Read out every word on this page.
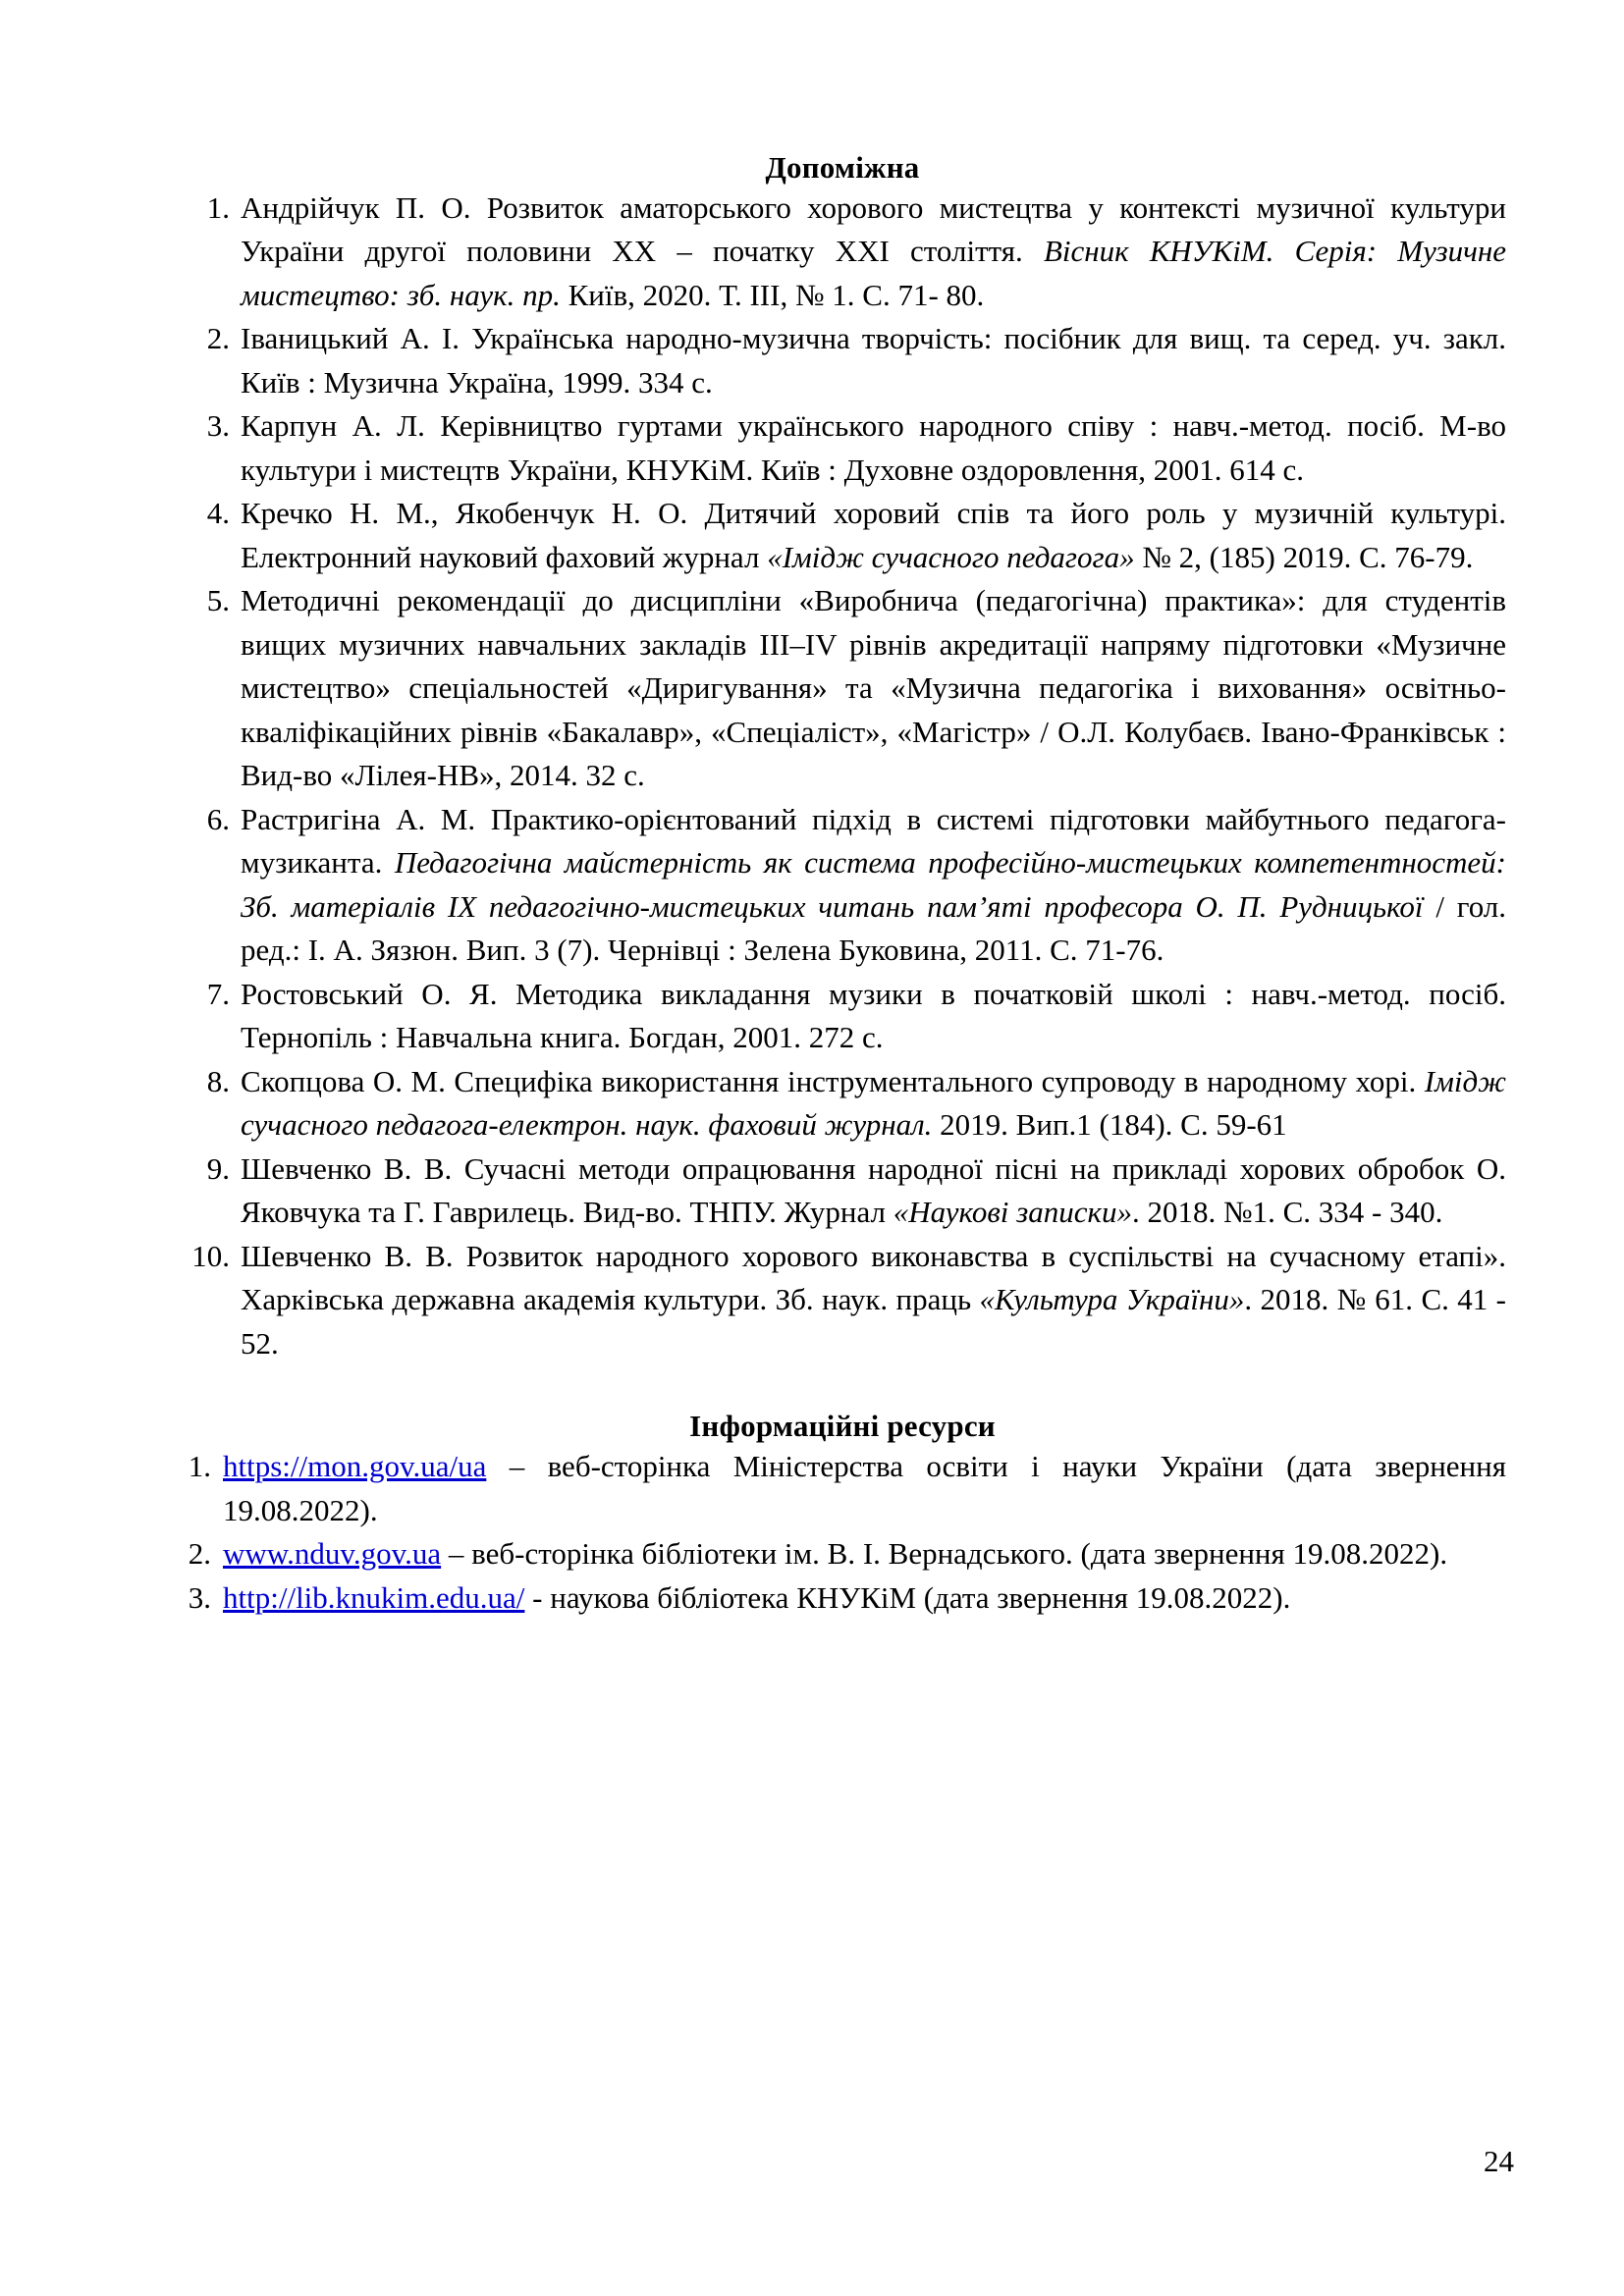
Допоміжна
Андрійчук П. О. Розвиток аматорського хорового мистецтва у контексті музичної культури України другої половини ХХ – початку ХХI століття. Вісник КНУКіМ. Серія: Музичне мистецтво: зб. наук. пр. Київ, 2020. Т. III, № 1. С. 71- 80.
Іваницький А. І. Українська народно-музична творчість: посібник для вищ. та серед. уч. закл. Київ : Музична Україна, 1999. 334 с.
Карпун А. Л. Керівництво гуртами українського народного співу : навч.-метод. посіб. М-во культури і мистецтв України, КНУКіМ. Київ : Духовне оздоровлення, 2001. 614 с.
Кречко Н. М., Якобенчук Н. О. Дитячий хоровий спів та його роль у музичній культурі. Електронний науковий фаховий журнал «Імідж сучасного педагога» № 2, (185) 2019. С. 76-79.
Методичні рекомендації до дисципліни «Виробнича (педагогічна) практика»: для студентів вищих музичних навчальних закладів III–IV рівнів акредитації напряму підготовки «Музичне мистецтво» спеціальностей «Диригування» та «Музична педагогіка і виховання» освітньо-кваліфікаційних рівнів «Бакалавр», «Спеціаліст», «Магістр» / О.Л. Колубаєв. Івано-Франківськ : Вид-во «Лілея-НВ», 2014. 32 с.
Растригіна А. М. Практико-орієнтований підхід в системі підготовки майбутнього педагога-музиканта. Педагогічна майстерність як система професійно-мистецьких компетентностей: Зб. матеріалів IX педагогічно-мистецьких читань пам’яті професора О. П. Рудницької / гол. ред.: І. А. Зязюн. Вип. 3 (7). Чернівці : Зелена Буковина, 2011. С. 71-76.
Ростовський О. Я. Методика викладання музики в початковій школі : навч.-метод. посіб. Тернопіль : Навчальна книга. Богдан, 2001. 272 с.
Скопцова О. М. Специфіка використання інструментального супроводу в народному хорі. Імідж сучасного педагога-електрон. наук. фаховий журнал. 2019. Вип.1 (184). С. 59-61
Шевченко В. В. Сучасні методи опрацювання народної пісні на прикладі хорових обробок О. Яковчука та Г. Гаврилець. Вид-во. ТНПУ. Журнал «Наукові записки». 2018. №1. С. 334 - 340.
Шевченко В. В. Розвиток народного хорового виконавства в суспільстві на сучасному етапі». Харківська державна академія культури. Зб. наук. праць «Культура України». 2018. № 61. С. 41 - 52.
Інформаційні ресурси
https://mon.gov.ua/ua – веб-сторінка Міністерства освіти і науки України (дата звернення 19.08.2022).
www.nduv.gov.ua – веб-сторінка бібліотеки ім. В. І. Вернадського. (дата звернення 19.08.2022).
http://lib.knukim.edu.ua/ - наукова бібліотека КНУКіМ (дата звернення 19.08.2022).
24
